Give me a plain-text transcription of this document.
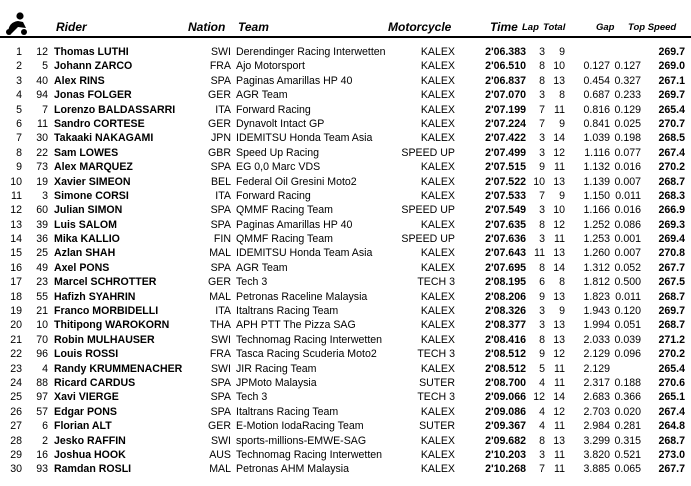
Rider	Nation Team	Motorcycle	Time Lap Total	Gap Top Speed
1	12 Thomas LUTHI	SWI Derendinger Racing Interwetten	KALEX	2'06.383	3	9	269.7
2	5 Johann ZARCO	FRA Ajo Motorsport	KALEX	2'06.510	8 10	0.127 0.127	269.0
3	40 Alex RINS	SPA Paginas Amarillas HP 40	KALEX	2'06.837	8 13	0.454 0.327	267.1
4	94 Jonas FOLGER	GER AGR Team	KALEX	2'07.070	3	8	0.687 0.233	269.7
5	7 Lorenzo BALDASSARRI	ITA Forward Racing	KALEX	2'07.199	7 11	0.816 0.129	265.4
6	11 Sandro CORTESE	GER Dynavolt Intact GP	KALEX	2'07.224	7	9	0.841 0.025	270.7
7	30 Takaaki NAKAGAMI	JPN IDEMITSU Honda Team Asia	KALEX	2'07.422	3 14	1.039 0.198	268.5
8	22 Sam LOWES	GBR Speed Up Racing	SPEED UP	2'07.499	3 12	1.116 0.077	267.4
9	73 Alex MARQUEZ	SPA EG 0,0 Marc VDS	KALEX	2'07.515	9 11	1.132 0.016	270.2
10	19 Xavier SIMEON	BEL Federal Oil Gresini Moto2	KALEX	2'07.522 10 13	1.139 0.007	268.7
11	3 Simone CORSI	ITA Forward Racing	KALEX	2'07.533	7	9	1.150 0.011	268.3
12	60 Julian SIMON	SPA QMMF Racing Team	SPEED UP	2'07.549	3 10	1.166 0.016	266.9
13	39 Luis SALOM	SPA Paginas Amarillas HP 40	KALEX	2'07.635	8 12	1.252 0.086	269.3
14	36 Mika KALLIO	FIN QMMF Racing Team	SPEED UP	2'07.636	3 11	1.253 0.001	269.4
15	25 Azlan SHAH	MAL IDEMITSU Honda Team Asia	KALEX	2'07.643 11 13	1.260 0.007	270.8
16	49 Axel PONS	SPA AGR Team	KALEX	2'07.695	8 14	1.312 0.052	267.7
17	23 Marcel SCHROTTER	GER Tech 3	TECH 3	2'08.195	6	8	1.812 0.500	267.5
18	55 Hafizh SYAHRIN	MAL Petronas Raceline Malaysia	KALEX	2'08.206	9 13	1.823 0.011	268.7
19	21 Franco MORBIDELLI	ITA Italtrans Racing Team	KALEX	2'08.326	3	9	1.943 0.120	269.7
20	10 Thitipong WAROKORN	THA APH PTT The Pizza SAG	KALEX	2'08.377	3 13	1.994 0.051	268.7
21	70 Robin MULHAUSER	SWI Technomag Racing Interwetten	KALEX	2'08.416	8 13	2.033 0.039	271.2
22	96 Louis ROSSI	FRA Tasca Racing Scuderia Moto2	TECH 3	2'08.512	9 12	2.129 0.096	270.2
23	4 Randy KRUMMENACHER	SWI JIR Racing Team	KALEX	2'08.512	5 11	2.129	265.4
24	88 Ricard CARDUS	SPA JPMoto Malaysia	SUTER	2'08.700	4 11	2.317 0.188	270.6
25	97 Xavi VIERGE	SPA Tech 3	TECH 3	2'09.066 12 14	2.683 0.366	265.1
26	57 Edgar PONS	SPA Italtrans Racing Team	KALEX	2'09.086	4 12	2.703 0.020	267.4
27	6 Florian ALT	GER E-Motion IodaRacing Team	SUTER	2'09.367	4 11	2.984 0.281	264.8
28	2 Jesko RAFFIN	SWI sports-millions-EMWE-SAG	KALEX	2'09.682	8 13	3.299 0.315	268.7
29	16 Joshua HOOK	AUS Technomag Racing Interwetten	KALEX	2'10.203	3 11	3.820 0.521	273.0
30	93 Ramdan ROSLI	MAL Petronas AHM Malaysia	KALEX	2'10.268	7 11	3.885 0.065	267.7
